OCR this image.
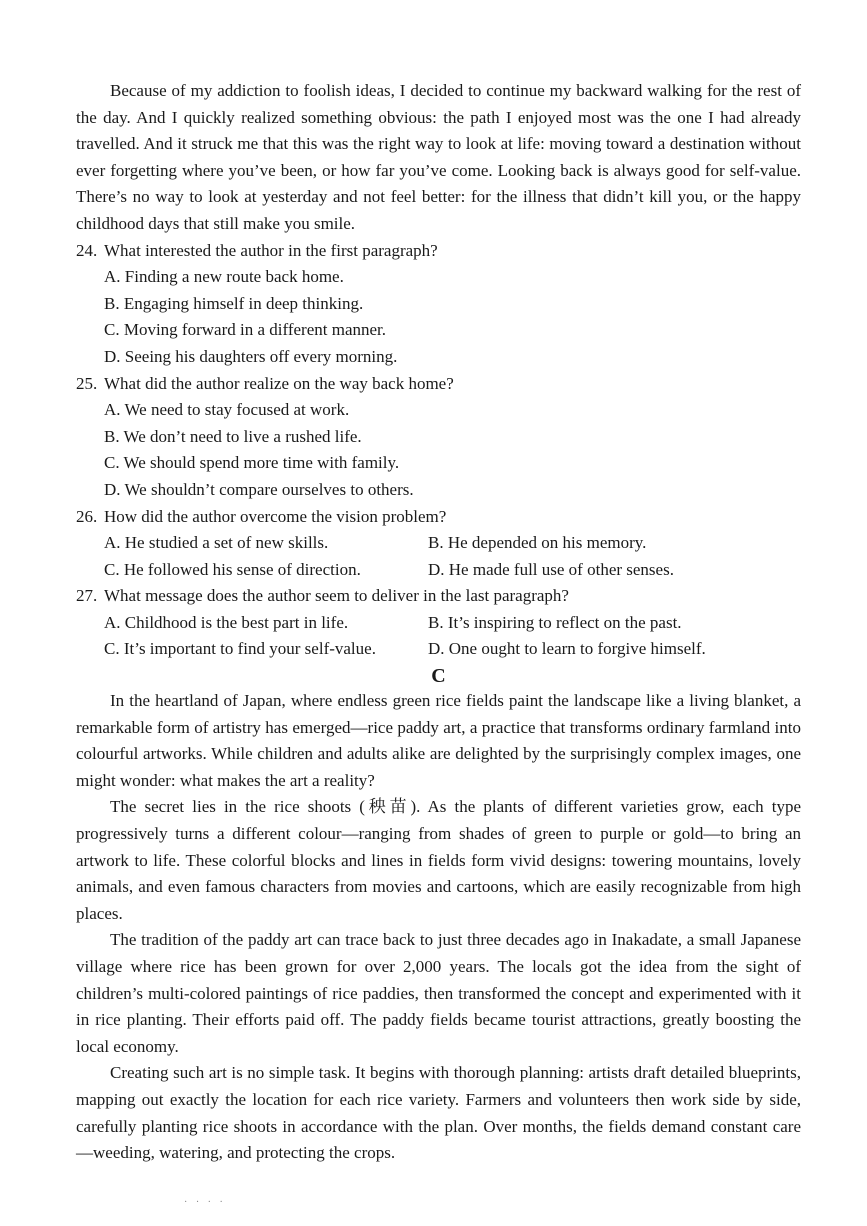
Because of my addiction to foolish ideas, I decided to continue my backward walking for the rest of the day. And I quickly realized something obvious: the path I enjoyed most was the one I had already travelled. And it struck me that this was the right way to look at life: moving toward a destination without ever forgetting where you’ve been, or how far you’ve come. Looking back is always good for self-value. There’s no way to look at yesterday and not feel better: for the illness that didn’t kill you, or the happy childhood days that still make you smile.

24. What interested the author in the first paragraph?

A. Finding a new route back home.

B. Engaging himself in deep thinking.

C. Moving forward in a different manner.

D. Seeing his daughters off every morning.

25. What did the author realize on the way back home?

A. We need to stay focused at work.

B. We don’t need to live a rushed life.

C. We should spend more time with family.

D. We shouldn’t compare ourselves to others.

26. How did the author overcome the vision problem?

A. He studied a set of new skills.	B. He depended on his memory.
C. He followed his sense of direction.	D. He made full use of other senses.

27. What message does the author seem to deliver in the last paragraph?

A. Childhood is the best part in life.	B. It’s inspiring to reflect on the past.
C. It’s important to find your self-value.	D. One ought to learn to forgive himself.
C

In the heartland of Japan, where endless green rice fields paint the landscape like a living blanket, a remarkable form of artistry has emerged—rice paddy art, a practice that transforms ordinary farmland into colourful artworks. While children and adults alike are delighted by the surprisingly complex images, one might wonder: what makes the art a reality?

The secret lies in the rice shoots (秧苗). As the plants of different varieties grow, each type progressively turns a different colour—ranging from shades of green to purple or gold—to bring an artwork to life. These colorful blocks and lines in fields form vivid designs: towering mountains, lovely animals, and even famous characters from movies and cartoons, which are easily recognizable from high places.

The tradition of the paddy art can trace back to just three decades ago in Inakadate, a small Japanese village where rice has been grown for over 2,000 years. The locals got the idea from the sight of children’s multi-colored paintings of rice paddies, then transformed the concept and experimented with it in rice planting. Their efforts paid off. The paddy fields became tourist attractions, greatly boosting the local economy.

Creating such art is no simple task. It begins with thorough planning: artists draft detailed blueprints, mapping out exactly the location for each rice variety. Farmers and volunteers then work side by side, carefully planting rice shoots in accordance with the plan. Over months, the fields demand constant care—weeding, watering, and protecting the crops.

· · · ·
